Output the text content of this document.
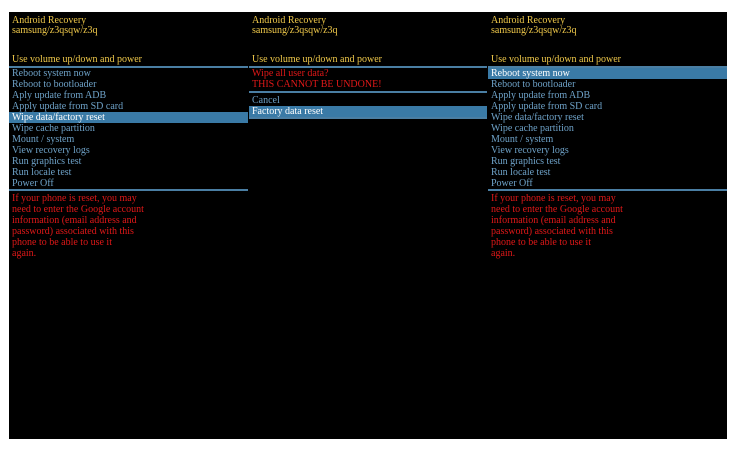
Android Recovery
samsung/z3qsqw/z3q
Use volume up/down and power
Reboot system now
Reboot to bootloader
Aply update from ADB
Apply update from SD card
Wipe data/factory reset
Wipe cache partition
Mount / system
View recovery logs
Run graphics test
Run locale test
Power Off
If your phone is reset, you may
need to enter the Google account
information (email address and
password) associated with this
phone to be able to use it
again.
Android Recovery
samsung/z3qsqw/z3q
Use volume up/down and power
Wipe all user data?
THIS CANNOT BE UNDONE!
Cancel
Factory data reset
Android Recovery
samsung/z3qsqw/z3q
Use volume up/down and power
Reboot system now
Reboot to bootloader
Apply update from ADB
Apply update from SD card
Wipe data/factory reset
Wipe cache partition
Mount / system
View recovery logs
Run graphics test
Run locale test
Power Off
If your phone is reset, you may
need to enter the Google account
information (email address and
password) associated with this
phone to be able to use it
again.
